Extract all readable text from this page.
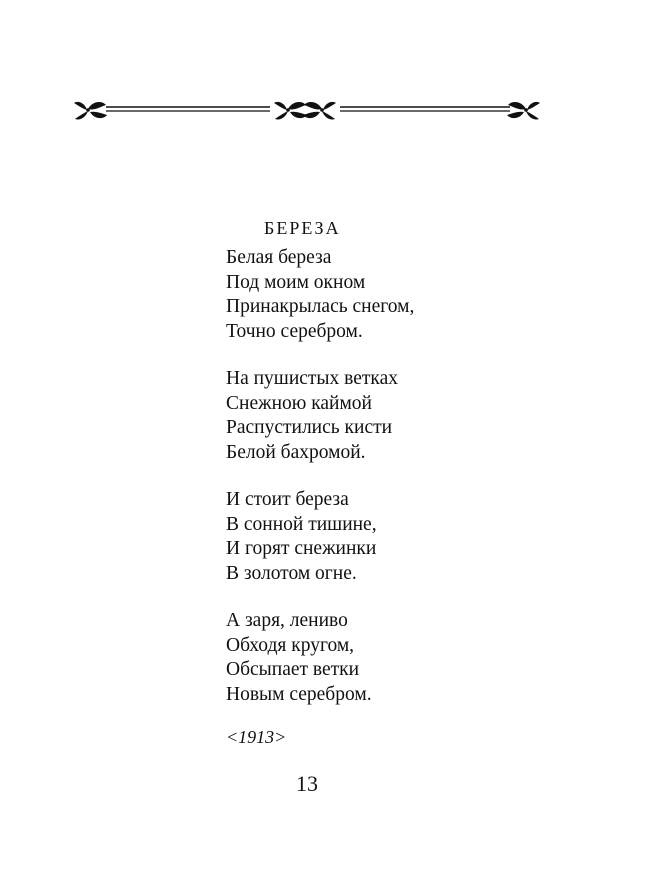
БЕРЕЗА
Белая береза
Под моим окном
Принакрылась снегом,
Точно серебром.
На пушистых ветках
Снежною каймой
Распустились кисти
Белой бахромой.
И стоит береза
В сонной тишине,
И горят снежинки
В золотом огне.
А заря, лениво
Обходя кругом,
Обсыпает ветки
Новым серебром.
<1913>
13
